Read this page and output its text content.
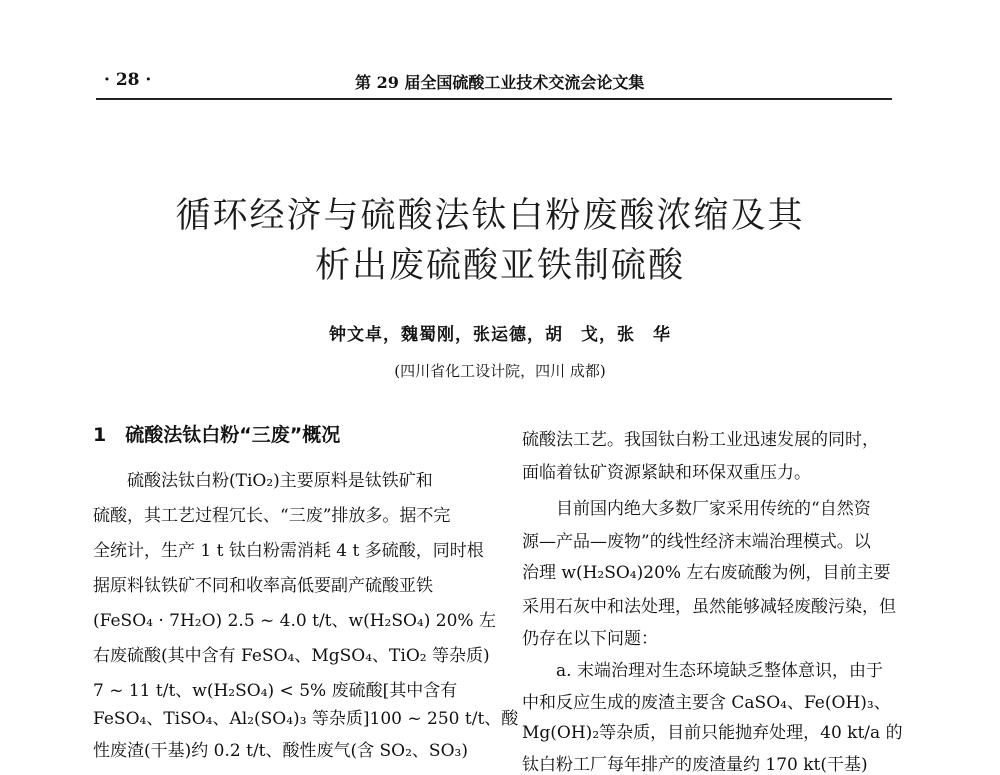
· 28 ·	第 29 届全国硫酸工业技术交流会论文集
循环经济与硫酸法钛白粉废酸浓缩及其
析出废硫酸亚铁制硫酸
钟文卓，魏蜀刚，张运德，胡　戈，张　华
(四川省化工设计院，四川 成都)
1　硫酸法钛白粉“三废”概况
　　硫酸法钛白粉(TiO₂)主要原料是钛铁矿和
硫酸，其工艺过程冗长、“三废”排放多。据不完
全统计，生产 1 t 钛白粉需消耗 4 t 多硫酸，同时根
据原料钛铁矿不同和收率高低要副产硫酸亚铁
(FeSO₄ · 7H₂O) 2.5 ~ 4.0 t/t、w(H₂SO₄) 20% 左
右废硫酸(其中含有 FeSO₄、MgSO₄、TiO₂ 等杂质)
7 ~ 11 t/t、w(H₂SO₄) < 5% 废硫酸[其中含有
FeSO₄、TiSO₄、Al₂(SO₄)₃ 等杂质]100 ~ 250 t/t、酸
性废渣(干基)约 0.2 t/t、酸性废气(含 SO₂、SO₃)
硫酸法工艺。我国钛白粉工业迅速发展的同时，
面临着钛矿资源紧缺和环保双重压力。
　　目前国内绝大多数厂家采用传统的“自然资
源—产品—废物”的线性经济末端治理模式。以
治理 w(H₂SO₄)20% 左右废硫酸为例，目前主要
采用石灰中和法处理，虽然能够减轻废酸污染，但
仍存在以下问题：
　　a. 末端治理对生态环境缺乏整体意识，由于
中和反应生成的废渣主要含 CaSO₄、Fe(OH)₃、
Mg(OH)₂等杂质，目前只能抛弃处理，40 kt/a 的
钛白粉工厂每年排产的废渣量约 170 kt(干基)
